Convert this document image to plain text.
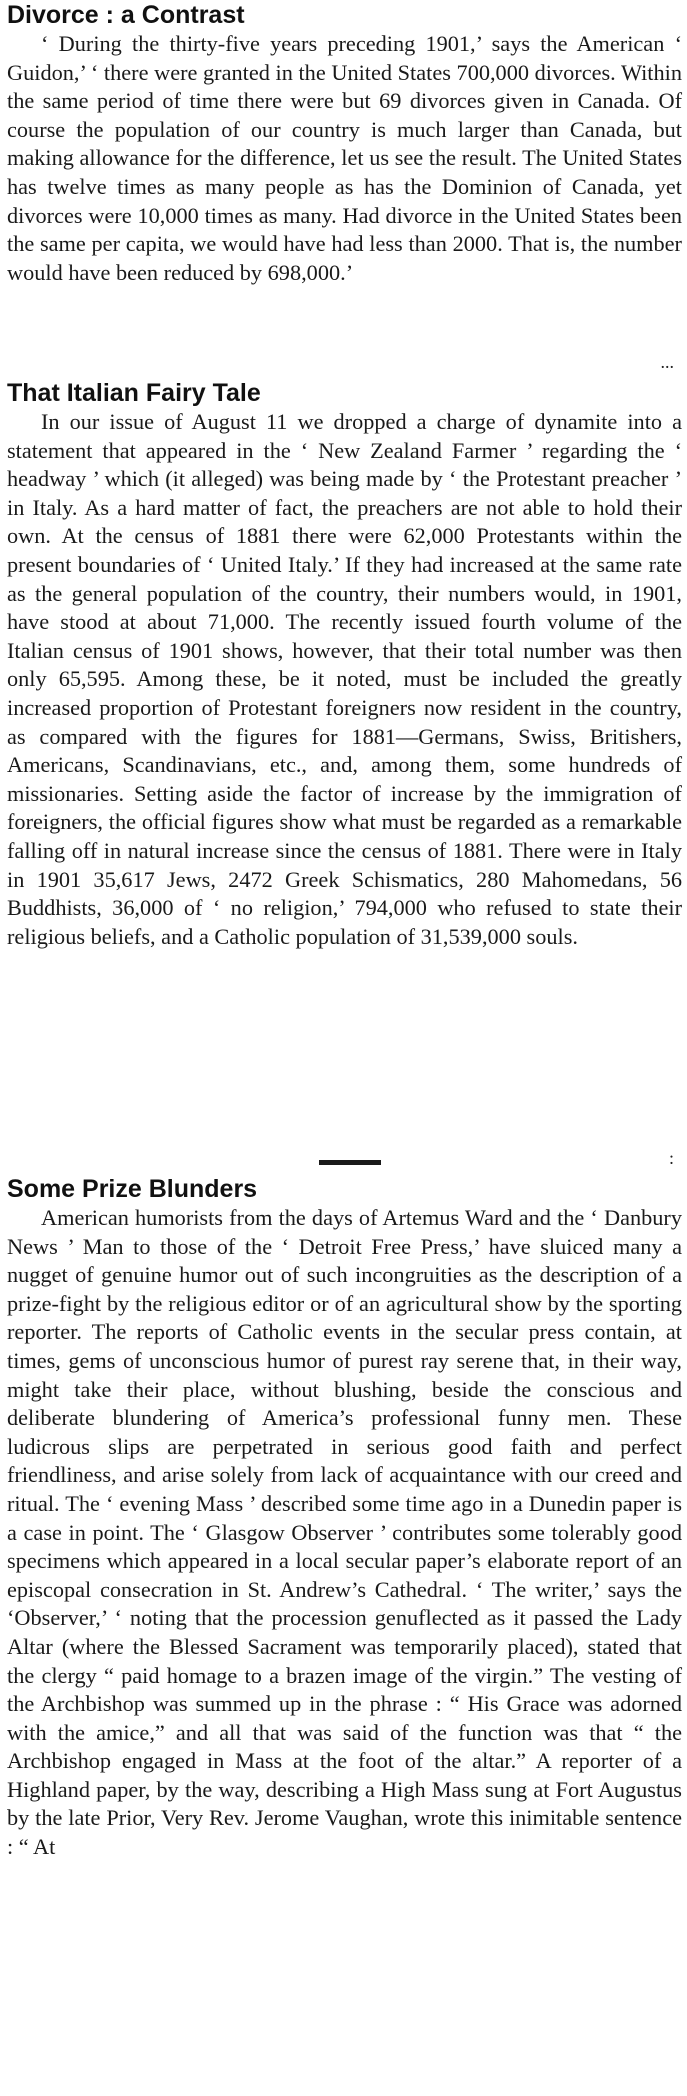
Divorce : a Contrast

‘ During the thirty-five years preceding 1901,’ says the American ‘ Guidon,’ ‘ there were granted in the United States 700,000 divorces. Within the same period of time there were but 69 divorces given in Canada. Of course the population of our country is much larger than Canada, but making allowance for the difference, let us see the result. The United States has twelve times as many people as has the Dominion of Canada, yet divorces were 10,000 times as many. Had divorce in the United States been the same per capita, we would have had less than 2000. That is, the number would have been reduced by 698,000.’

...
That Italian Fairy Tale

In our issue of August 11 we dropped a charge of dynamite into a statement that appeared in the ‘ New Zealand Farmer ’ regarding the ‘ headway ’ which (it alleged) was being made by ‘ the Protestant preacher ’ in Italy. As a hard matter of fact, the preachers are not able to hold their own. At the census of 1881 there were 62,000 Protestants within the present boundaries of ‘ United Italy.’ If they had increased at the same rate as the general population of the country, their numbers would, in 1901, have stood at about 71,000. The recently issued fourth volume of the Italian census of 1901 shows, however, that their total number was then only 65,595. Among these, be it noted, must be included the greatly increased proportion of Protestant foreigners now resident in the country, as compared with the figures for 1881—Germans, Swiss, Britishers, Americans, Scandinavians, etc., and, among them, some hundreds of missionaries. Setting aside the factor of increase by the immigration of foreigners, the official figures show what must be regarded as a remarkable falling off in natural increase since the census of 1881. There were in Italy in 1901 35,617 Jews, 2472 Greek Schismatics, 280 Mahomedans, 56 Buddhists, 36,000 of ‘ no religion,’ 794,000 who refused to state their religious beliefs, and a Catholic population of 31,539,000 souls.

:
Some Prize Blunders

American humorists from the days of Artemus Ward and the ‘ Danbury News ’ Man to those of the ‘ Detroit Free Press,’ have sluiced many a nugget of genuine humor out of such incongruities as the description of a prize-fight by the religious editor or of an agricultural show by the sporting reporter. The reports of Catholic events in the secular press contain, at times, gems of unconscious humor of purest ray serene that, in their way, might take their place, without blushing, beside the conscious and deliberate blundering of America’s professional funny men. These ludicrous slips are perpetrated in serious good faith and perfect friendliness, and arise solely from lack of acquaintance with our creed and ritual. The ‘ evening Mass ’ described some time ago in a Dunedin paper is a case in point. The ‘ Glasgow Observer ’ contributes some tolerably good specimens which appeared in a local secular paper’s elaborate report of an episcopal consecration in St. Andrew’s Cathedral. ‘ The writer,’ says the ‘Observer,’ ‘ noting that the procession genuflected as it passed the Lady Altar (where the Blessed Sacrament was temporarily placed), stated that the clergy “ paid homage to a brazen image of the virgin.” The vesting of the Archbishop was summed up in the phrase : “ His Grace was adorned with the amice,” and all that was said of the function was that “ the Archbishop engaged in Mass at the foot of the altar.” A reporter of a Highland paper, by the way, describing a High Mass sung at Fort Augustus by the late Prior, Very Rev. Jerome Vaughan, wrote this inimitable sentence : “ At
